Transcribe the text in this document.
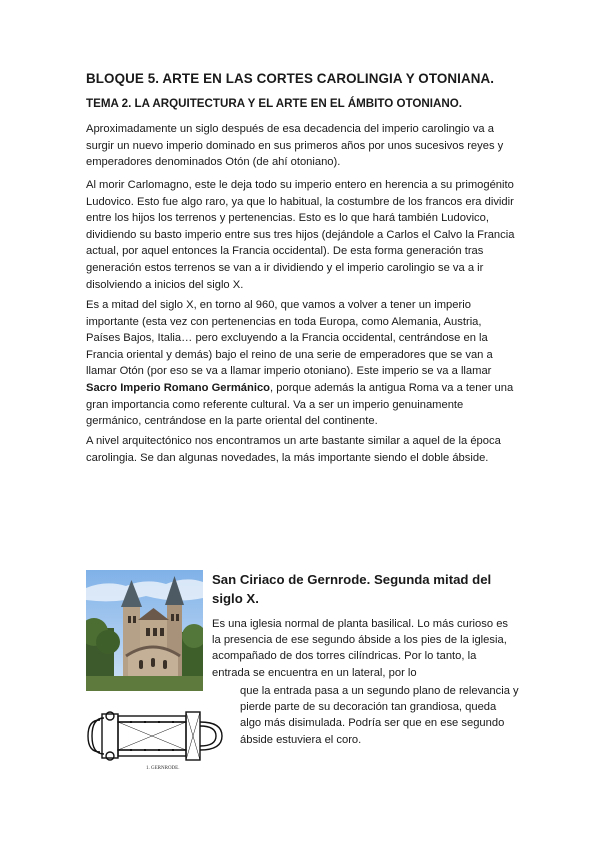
BLOQUE 5. ARTE EN LAS CORTES CAROLINGIA Y OTONIANA.
TEMA 2. LA ARQUITECTURA Y EL ARTE EN EL ÁMBITO OTONIANO.

Aproximadamente un siglo después de esa decadencia del imperio carolingio va a surgir un nuevo imperio dominado en sus primeros años por unos sucesivos reyes y emperadores denominados Otón (de ahí otoniano).

Al morir Carlomagno, este le deja todo su imperio entero en herencia a su primogénito Ludovico. Esto fue algo raro, ya que lo habitual, la costumbre de los francos era dividir entre los hijos los terrenos y pertenencias. Esto es lo que hará también Ludovico, dividiendo su basto imperio entre sus tres hijos (dejándole a Carlos el Calvo la Francia actual, por aquel entonces la Francia occidental). De esta forma generación tras generación estos terrenos se van a ir dividiendo y el imperio carolingio se va a ir disolviendo a inicios del siglo X.

Es a mitad del siglo X, en torno al 960, que vamos a volver a tener un imperio importante (esta vez con pertenencias en toda Europa, como Alemania, Austria, Países Bajos, Italia… pero excluyendo a la Francia occidental, centrándose en la Francia oriental y demás) bajo el reino de una serie de emperadores que se van a llamar Otón (por eso se va a llamar imperio otoniano). Este imperio se va a llamar Sacro Imperio Romano Germánico, porque además la antigua Roma va a tener una gran importancia como referente cultural. Va a ser un imperio genuinamente germánico, centrándose en la parte oriental del continente.

A nivel arquitectónico nos encontramos un arte bastante similar a aquel de la época carolingia. Se dan algunas novedades, la más importante siendo el doble ábside.

1. GERNRODE.
San Ciriaco de Gernrode. Segunda mitad del siglo X.

Es una iglesia normal de planta basilical. Lo más curioso es la presencia de ese segundo ábside a los pies de la iglesia, acompañado de dos torres cilíndricas. Por lo tanto, la entrada se encuentra en un lateral, por lo

que la entrada pasa a un segundo plano de relevancia y pierde parte de su decoración tan grandiosa, queda algo más disimulada. Podría ser que en ese segundo ábside estuviera el coro.
